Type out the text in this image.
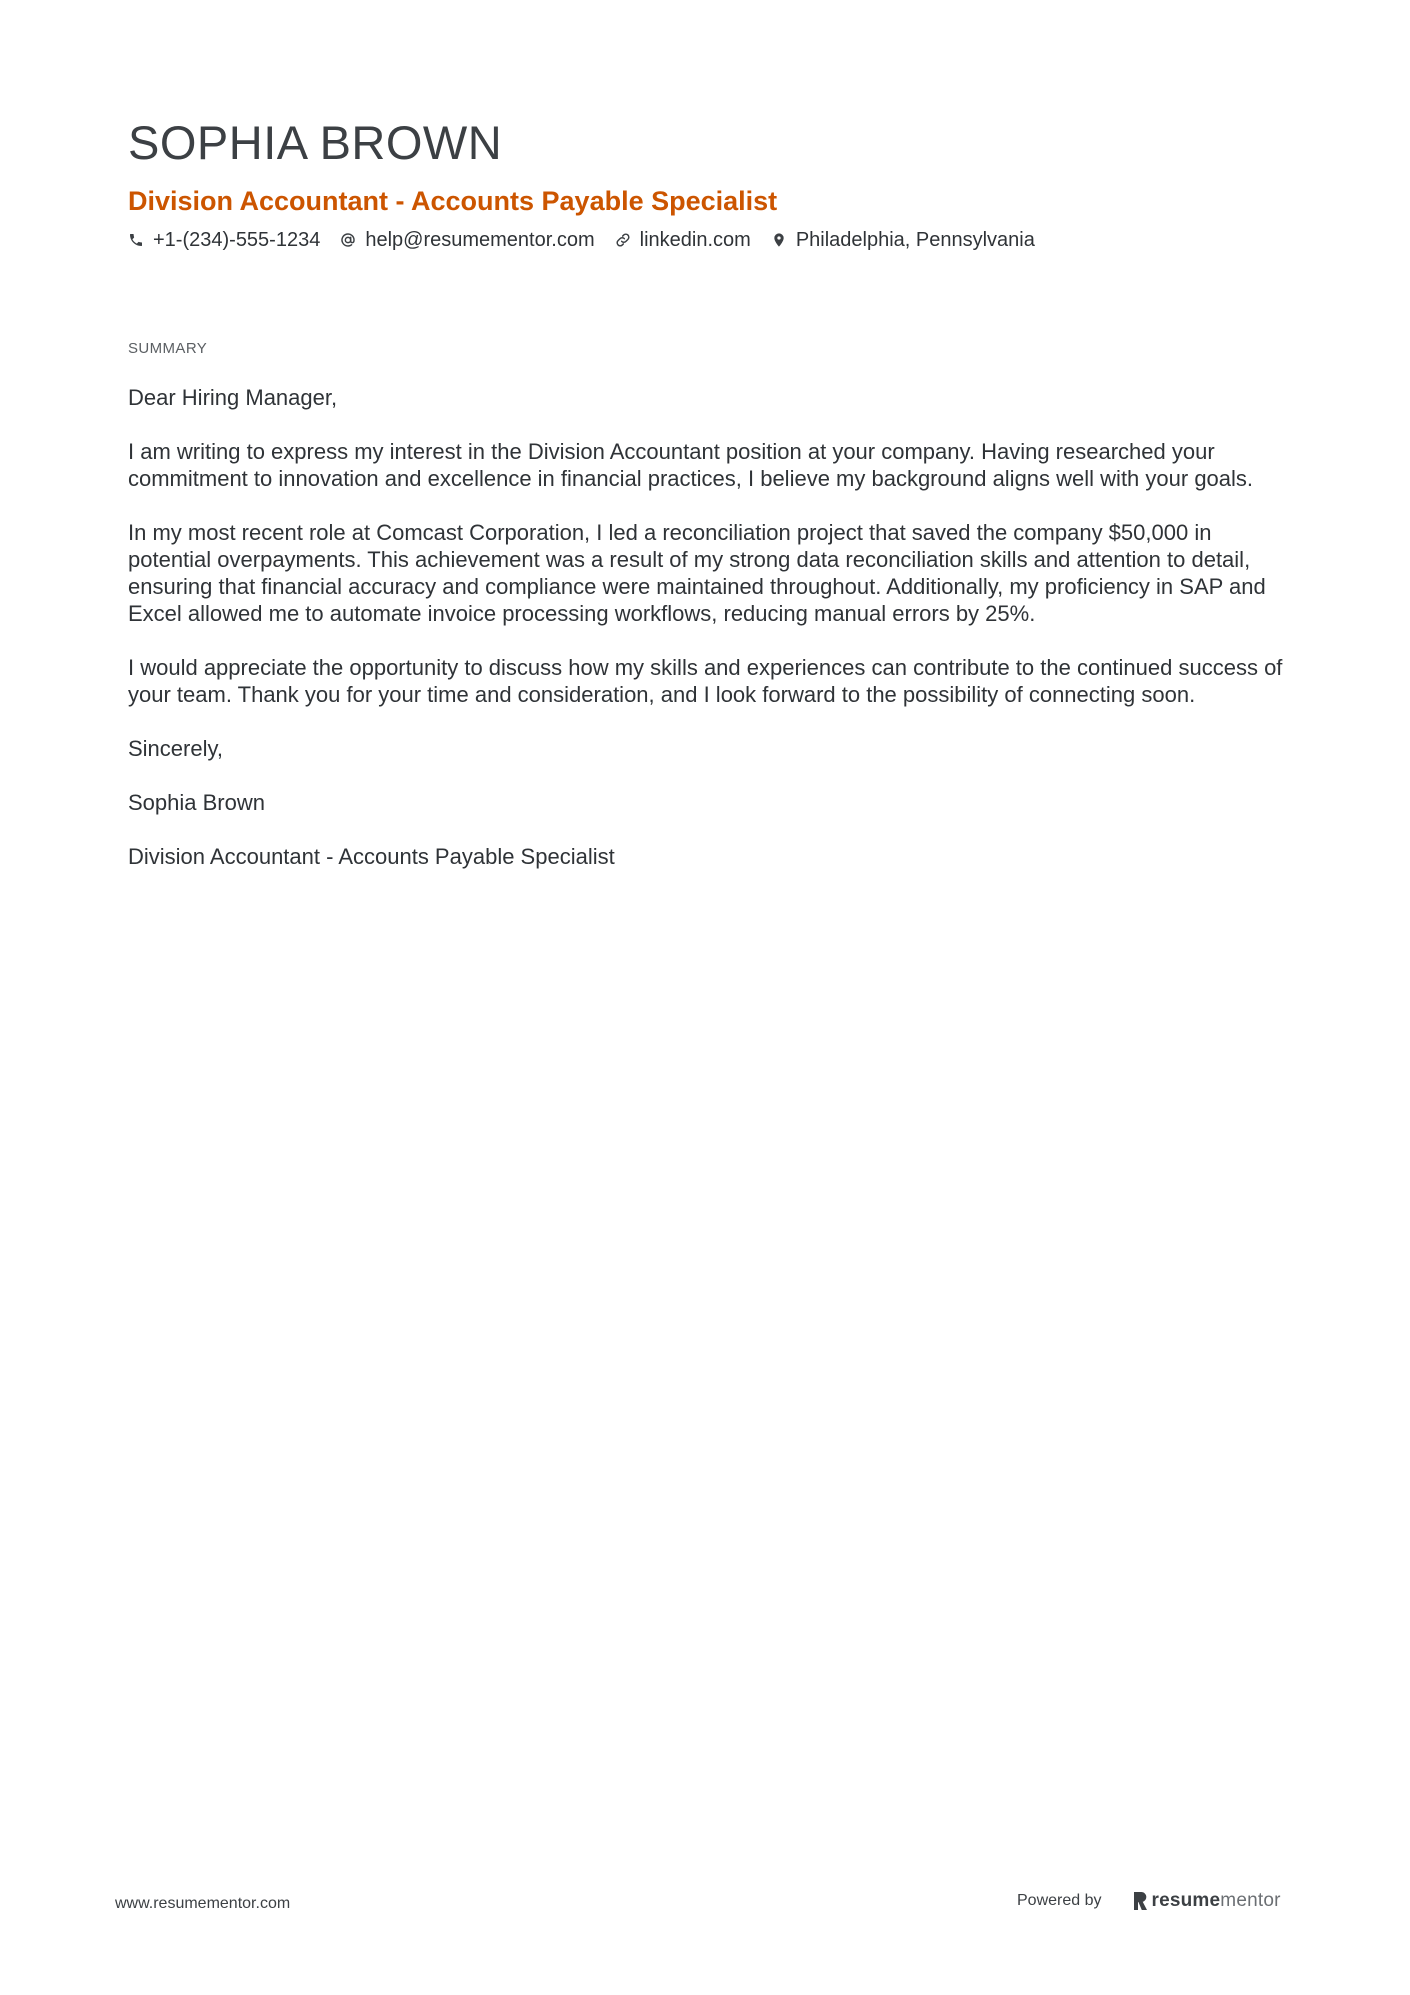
SOPHIA BROWN
Division Accountant - Accounts Payable Specialist
+1-(234)-555-1234 help@resumementor.com linkedin.com Philadelphia, Pennsylvania
SUMMARY

Dear Hiring Manager,

I am writing to express my interest in the Division Accountant position at your company. Having researched your commitment to innovation and excellence in financial practices, I believe my background aligns well with your goals.

In my most recent role at Comcast Corporation, I led a reconciliation project that saved the company $50,000 in potential overpayments. This achievement was a result of my strong data reconciliation skills and attention to detail, ensuring that financial accuracy and compliance were maintained throughout. Additionally, my proficiency in SAP and Excel allowed me to automate invoice processing workflows, reducing manual errors by 25%.

I would appreciate the opportunity to discuss how my skills and experiences can contribute to the continued success of your team. Thank you for your time and consideration, and I look forward to the possibility of connecting soon.

Sincerely,

Sophia Brown

Division Accountant - Accounts Payable Specialist

www.resumementor.com	Powered by	resume mentor
